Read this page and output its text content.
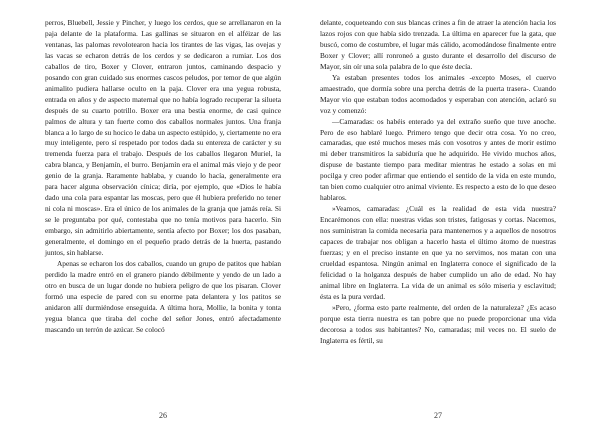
perros, Bluebell, Jessie y Pincher, y luego los cerdos, que se arrellanaron en la paja delante de la plataforma. Las gallinas se situaron en el alféizar de las ventanas, las palomas revolotearon hacia los tirantes de las vigas, las ovejas y las vacas se echaron detrás de los cerdos y se dedicaron a rumiar. Los dos caballos de tiro, Boxer y Clover, entraron juntos, caminando despacio y posando con gran cuidado sus enormes cascos peludos, por temor de que algún animalito pudiera hallarse oculto en la paja. Clover era una yegua robusta, entrada en años y de aspecto maternal que no había logrado recuperar la silueta después de su cuarto potrillo. Boxer era una bestia enorme, de casi quince palmos de altura y tan fuerte como dos caballos normales juntos. Una franja blanca a lo largo de su hocico le daba un aspecto estúpido, y, ciertamente no era muy inteligente, pero sí respetado por todos dada su entereza de carácter y su tremenda fuerza para el trabajo. Después de los caballos llegaron Muriel, la cabra blanca, y Benjamín, el burro. Benjamín era el animal más viejo y de peor genio de la granja. Raramente hablaba, y cuando lo hacía, generalmente era para hacer alguna observación cínica; diría, por ejemplo, que «Dios le había dado una cola para espantar las moscas, pero que él hubiera preferido no tener ni cola ni moscas». Era el único de los animales de la granja que jamás reía. Si se le preguntaba por qué, contestaba que no tenía motivos para hacerlo. Sin embargo, sin admitirlo abiertamente, sentía afecto por Boxer; los dos pasaban, generalmente, el domingo en el pequeño prado detrás de la huerta, pastando juntos, sin hablarse.

Apenas se echaron los dos caballos, cuando un grupo de patitos que habían perdido la madre entró en el granero piando débilmente y yendo de un lado a otro en busca de un lugar donde no hubiera peligro de que los pisaran. Clover formó una especie de pared con su enorme pata delantera y los patitos se anidaron allí durmiéndose enseguida. A última hora, Mollie, la bonita y tonta yegua blanca que tiraba del coche del señor Jones, entró afectadamente mascando un terrón de azúcar. Se colocó

26

delante, coqueteando con sus blancas crines a fin de atraer la atención hacia los lazos rojos con que había sido trenzada. La última en aparecer fue la gata, que buscó, como de costumbre, el lugar más cálido, acomodándose finalmente entre Boxer y Clover; allí ronroneó a gusto durante el desarrollo del discurso de Mayor, sin oír una sola palabra de lo que éste decía.

Ya estaban presentes todos los animales -excepto Moses, el cuervo amaestrado, que dormía sobre una percha detrás de la puerta trasera-. Cuando Mayor vio que estaban todos acomodados y esperaban con atención, aclaró su voz y comenzó:

—Camaradas: os habéis enterado ya del extraño sueño que tuve anoche. Pero de eso hablaré luego. Primero tengo que decir otra cosa. Yo no creo, camaradas, que esté muchos meses más con vosotros y antes de morir estimo mi deber transmitiros la sabiduría que he adquirido. He vivido muchos años, dispuse de bastante tiempo para meditar mientras he estado a solas en mi pocilga y creo poder afirmar que entiendo el sentido de la vida en este mundo, tan bien como cualquier otro animal viviente. Es respecto a esto de lo que deseo hablaros.

»Veamos, camaradas: ¿Cuál es la realidad de esta vida nuestra? Encarémonos con ella: nuestras vidas son tristes, fatigosas y cortas. Nacemos, nos suministran la comida necesaria para mantenernos y a aquellos de nosotros capaces de trabajar nos obligan a hacerlo hasta el último átomo de nuestras fuerzas; y en el preciso instante en que ya no servimos, nos matan con una crueldad espantosa. Ningún animal en Inglaterra conoce el significado de la felicidad o la holganza después de haber cumplido un año de edad. No hay animal libre en Inglaterra. La vida de un animal es sólo miseria y esclavitud; ésta es la pura verdad.

»Pero, ¿forma esto parte realmente, del orden de la naturaleza? ¿Es acaso porque esta tierra nuestra es tan pobre que no puede proporcionar una vida decorosa a todos sus habitantes? No, camaradas; mil veces no. El suelo de Inglaterra es fértil, su

27
